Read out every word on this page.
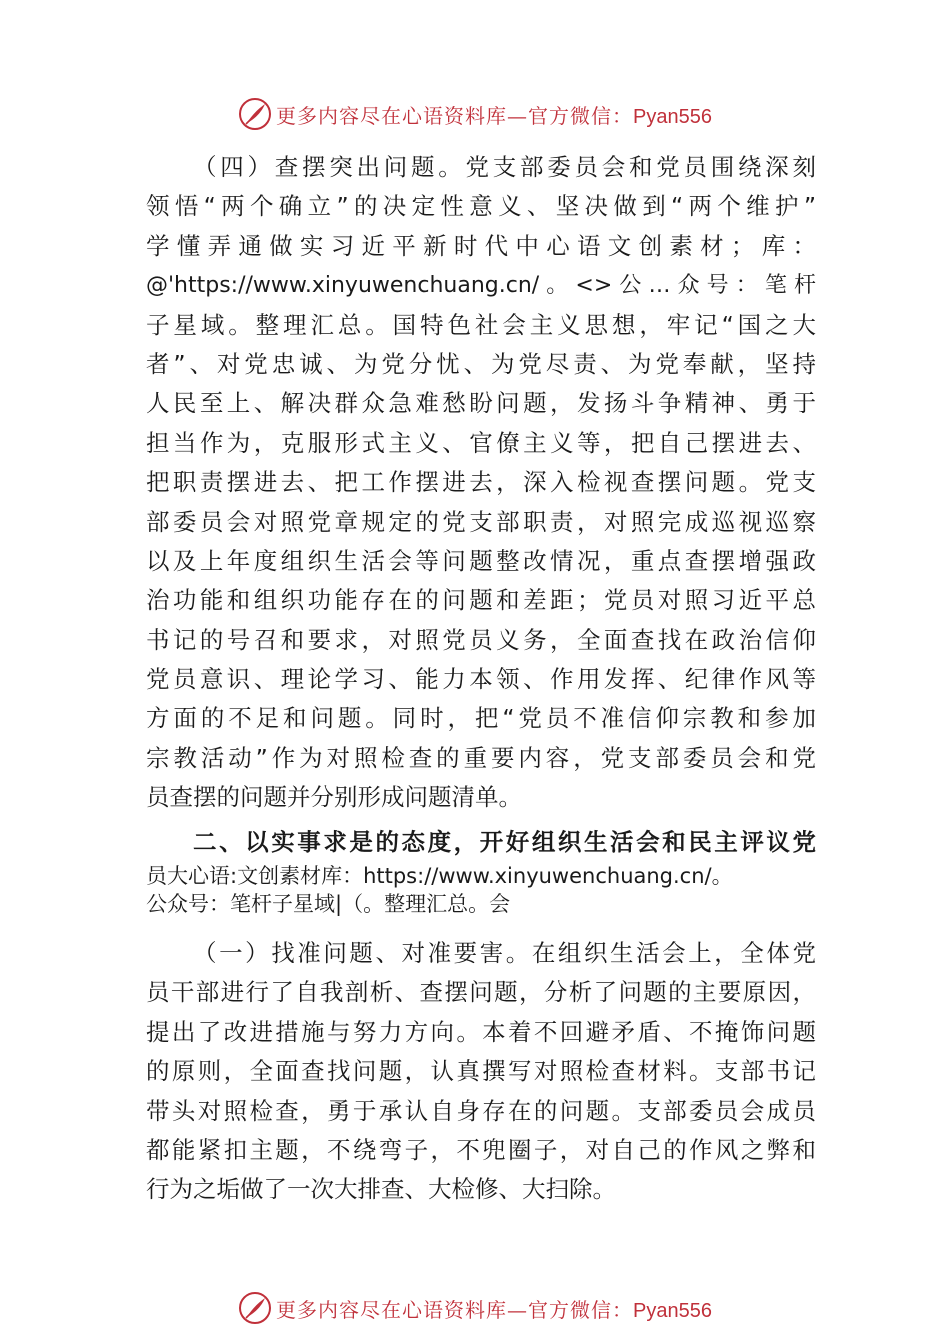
更多内容尽在心语资料库—官方微信：Pyan556
（四）查摆突出问题。党支部委员会和党员围绕深刻
领悟“两个确立”的决定性意义、坚决做到“两个维护”
学懂弄通做实习近平新时代中心语文创素材；库：
@'https://www.xinyuwenchuang.cn/。<>公…众号：笔杆
子星域。整理汇总。国特色社会主义思想，牢记“国之大
者”、对党忠诚、为党分忧、为党尽责、为党奉献，坚持
人民至上、解决群众急难愁盼问题，发扬斗争精神、勇于
担当作为，克服形式主义、官僚主义等，把自己摆进去、
把职责摆进去、把工作摆进去，深入检视查摆问题。党支
部委员会对照党章规定的党支部职责，对照完成巡视巡察
以及上年度组织生活会等问题整改情况，重点查摆增强政
治功能和组织功能存在的问题和差距；党员对照习近平总
书记的号召和要求，对照党员义务，全面查找在政治信仰
党员意识、理论学习、能力本领、作用发挥、纪律作风等
方面的不足和问题。同时，把“党员不准信仰宗教和参加
宗教活动”作为对照检查的重要内容，党支部委员会和党
员查摆的问题并分别形成问题清单。
二、以实事求是的态度，开好组织生活会和民主评议党
员大心语:文创素材库：https://www.xinyuwenchuang.cn/。
公众号：笔杆子星域|（。整理汇总。会
（一）找准问题、对准要害。在组织生活会上，全体党
员干部进行了自我剖析、查摆问题，分析了问题的主要原因，
提出了改进措施与努力方向。本着不回避矛盾、不掩饰问题
的原则，全面查找问题，认真撰写对照检查材料。支部书记
带头对照检查，勇于承认自身存在的问题。支部委员会成员
都能紧扣主题，不绕弯子，不兜圈子，对自己的作风之弊和
行为之垢做了一次大排查、大检修、大扫除。
更多内容尽在心语资料库—官方微信：Pyan556
